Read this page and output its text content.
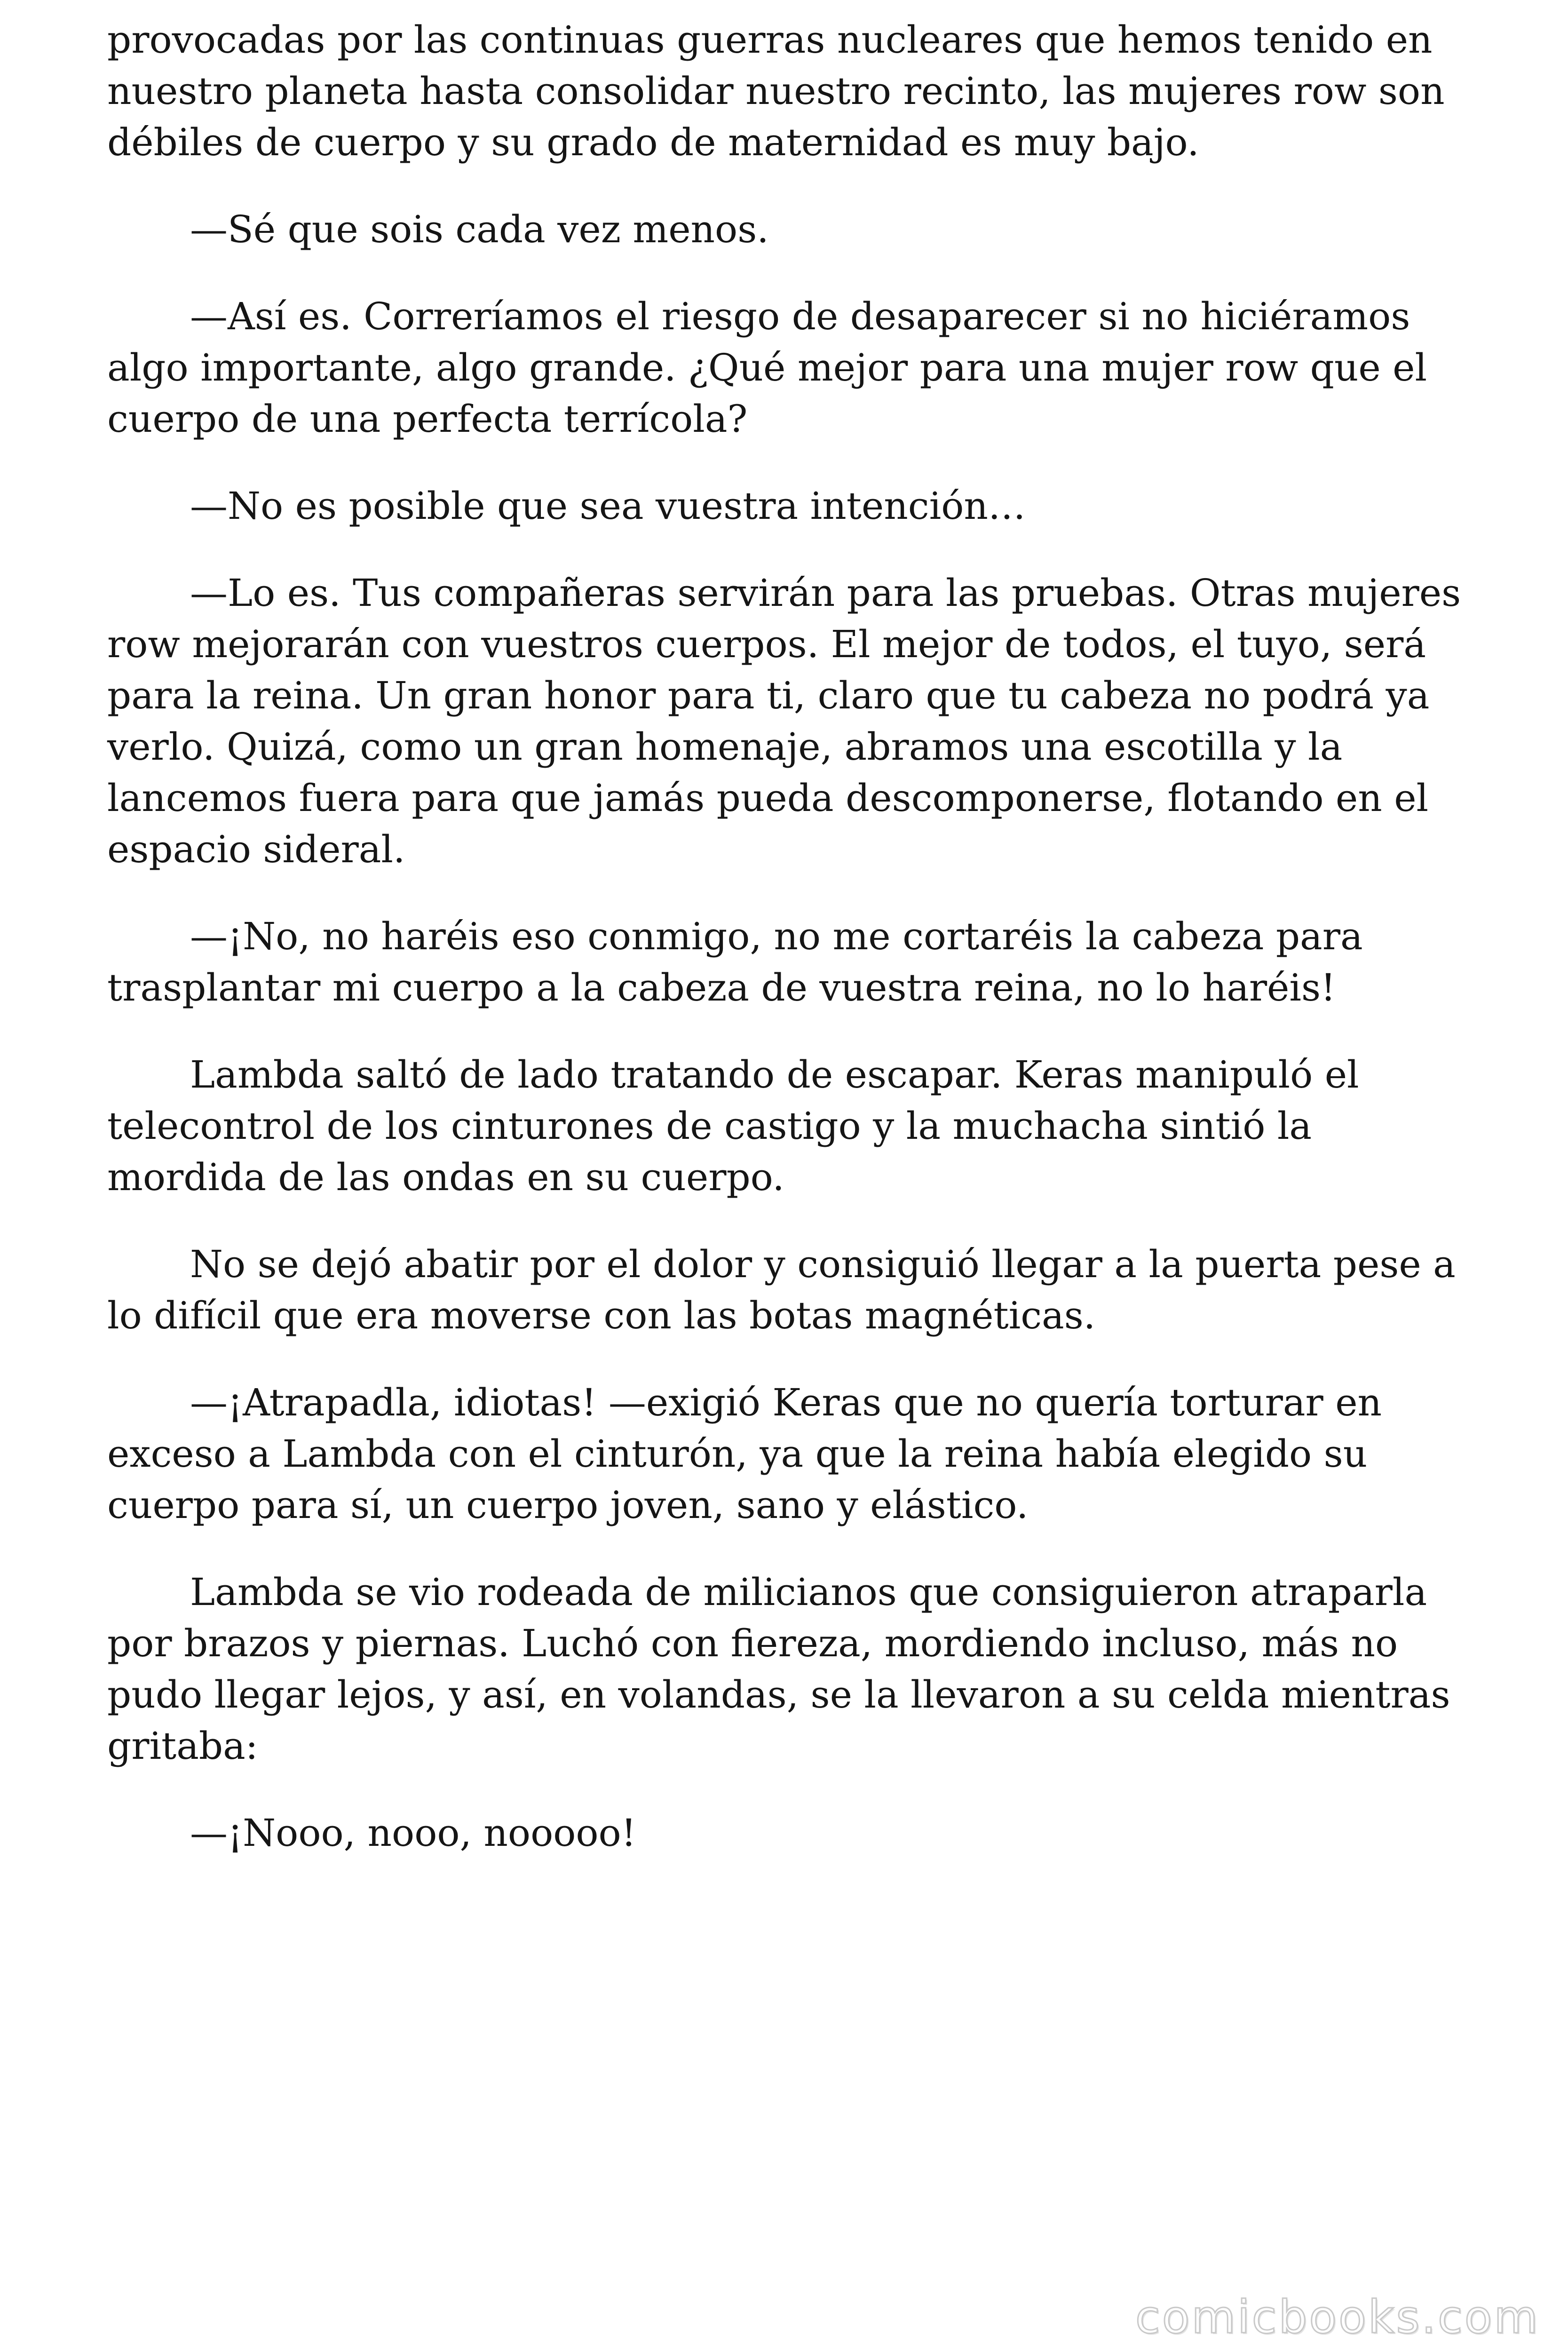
provocadas por las continuas guerras nucleares que hemos tenido en
nuestro planeta hasta consolidar nuestro recinto, las mujeres row son
débiles de cuerpo y su grado de maternidad es muy bajo.

—Sé que sois cada vez menos.

—Así es. Correríamos el riesgo de desaparecer si no hiciéramos
algo importante, algo grande. ¿Qué mejor para una mujer row que el
cuerpo de una perfecta terrícola?

—No es posible que sea vuestra intención…

—Lo es. Tus compañeras servirán para las pruebas. Otras mujeres
row mejorarán con vuestros cuerpos. El mejor de todos, el tuyo, será
para la reina. Un gran honor para ti, claro que tu cabeza no podrá ya
verlo. Quizá, como un gran homenaje, abramos una escotilla y la
lancemos fuera para que jamás pueda descomponerse, flotando en el
espacio sideral.

—¡No, no haréis eso conmigo, no me cortaréis la cabeza para
trasplantar mi cuerpo a la cabeza de vuestra reina, no lo haréis!

Lambda saltó de lado tratando de escapar. Keras manipuló el
telecontrol de los cinturones de castigo y la muchacha sintió la
mordida de las ondas en su cuerpo.

No se dejó abatir por el dolor y consiguió llegar a la puerta pese a
lo difícil que era moverse con las botas magnéticas.

—¡Atrapadla, idiotas! —exigió Keras que no quería torturar en
exceso a Lambda con el cinturón, ya que la reina había elegido su
cuerpo para sí, un cuerpo joven, sano y elástico.

Lambda se vio rodeada de milicianos que consiguieron atraparla
por brazos y piernas. Luchó con fiereza, mordiendo incluso, más no
pudo llegar lejos, y así, en volandas, se la llevaron a su celda mientras
gritaba:

—¡Nooo, nooo, nooooo!

comicbooks.com
